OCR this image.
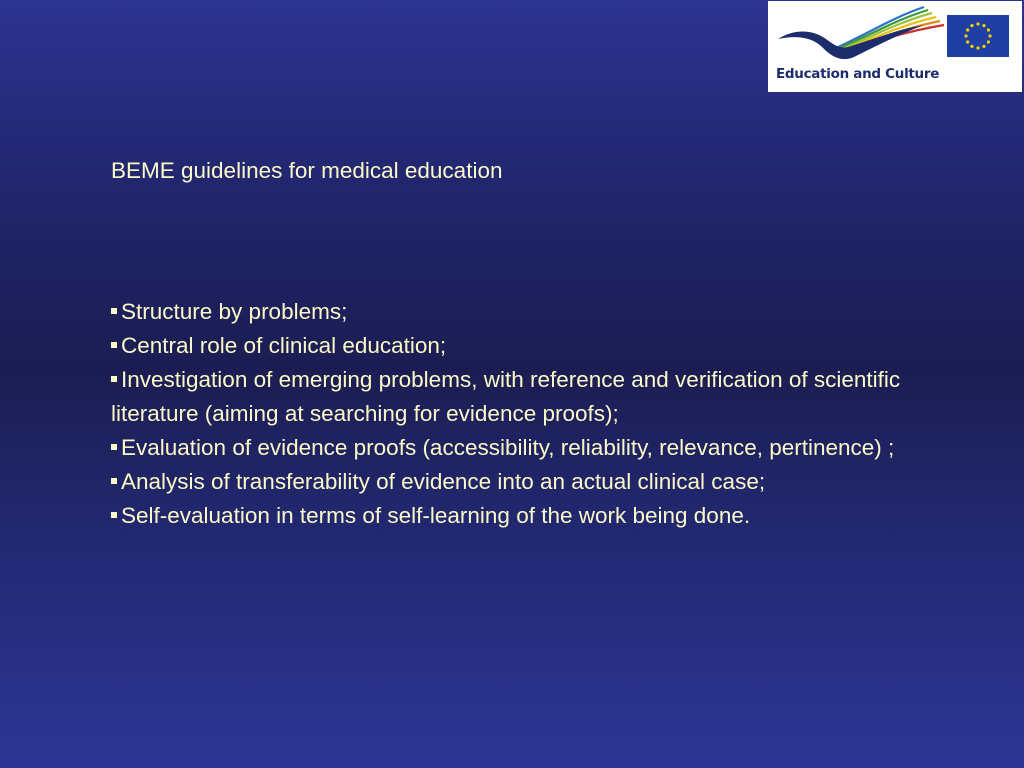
Education and Culture
BEME guidelines for medical education
Structure by problems;
Central role of clinical education;
Investigation of emerging problems, with reference and verification of scientific literature (aiming at searching for evidence proofs);
Evaluation of evidence proofs (accessibility, reliability, relevance, pertinence) ;
Analysis of transferability of evidence into an actual clinical case;
Self-evaluation in terms of self-learning of the work being done.
